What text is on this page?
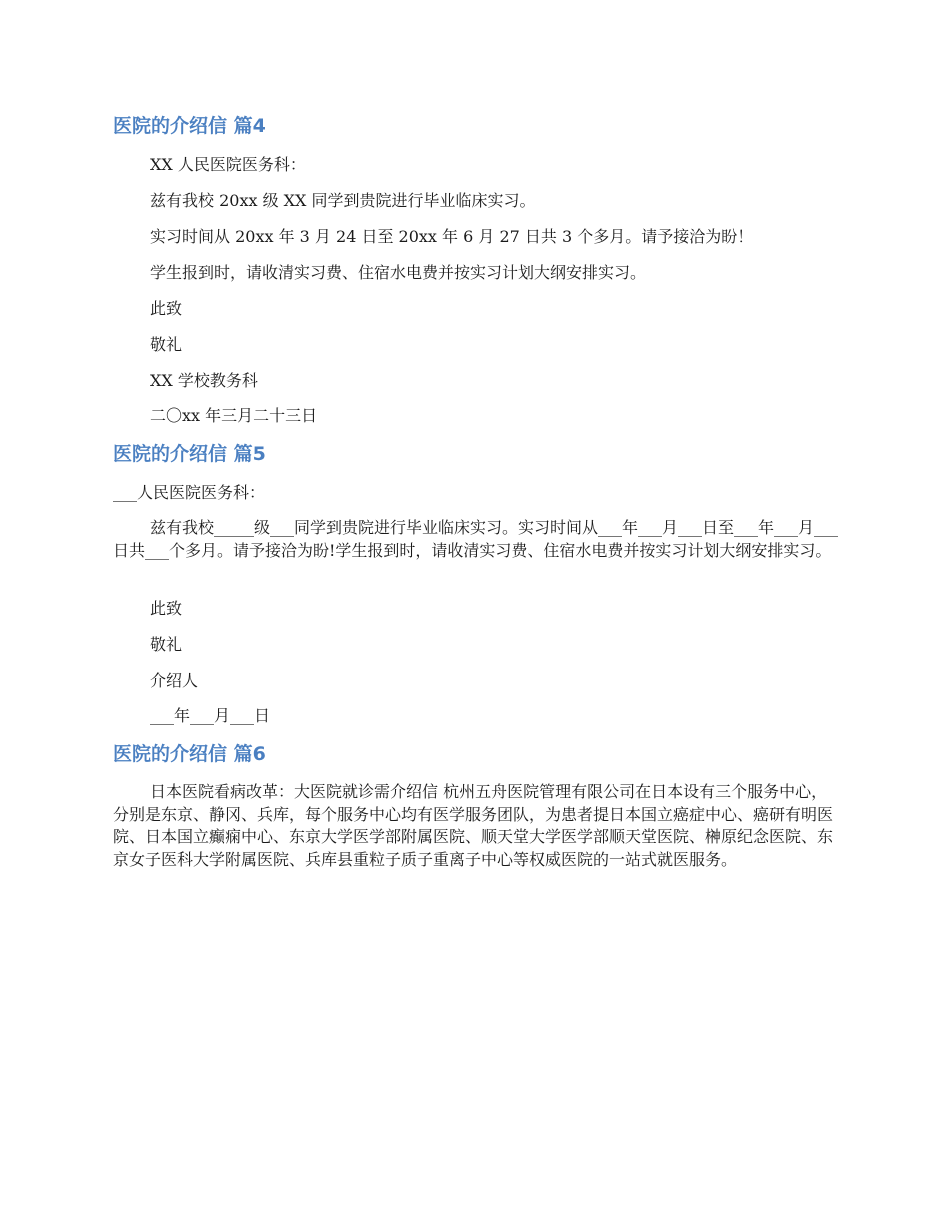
医院的介绍信 篇4
XX 人民医院医务科：
兹有我校 20xx 级 XX 同学到贵院进行毕业临床实习。
实习时间从 20xx 年 3 月 24 日至 20xx 年 6 月 27 日共 3 个多月。请予接洽为盼！
学生报到时，请收清实习费、住宿水电费并按实习计划大纲安排实习。
此致
敬礼
XX 学校教务科
二〇xx 年三月二十三日
医院的介绍信 篇5
___人民医院医务科：

兹有我校_____级___同学到贵院进行毕业临床实习。实习时间从___年___月___日至___年___月___日共___个多月。请予接洽为盼!学生报到时，请收清实习费、住宿水电费并按实习计划大纲安排实习。

此致
敬礼
介绍人
___年___月___日
医院的介绍信 篇6

日本医院看病改革：大医院就诊需介绍信 杭州五舟医院管理有限公司在日本设有三个服务中心，分别是东京、静冈、兵库，每个服务中心均有医学服务团队，为患者提日本国立癌症中心、癌研有明医院、日本国立癫痫中心、东京大学医学部附属医院、顺天堂大学医学部顺天堂医院、榊原纪念医院、东京女子医科大学附属医院、兵库县重粒子质子重离子中心等权威医院的一站式就医服务。
